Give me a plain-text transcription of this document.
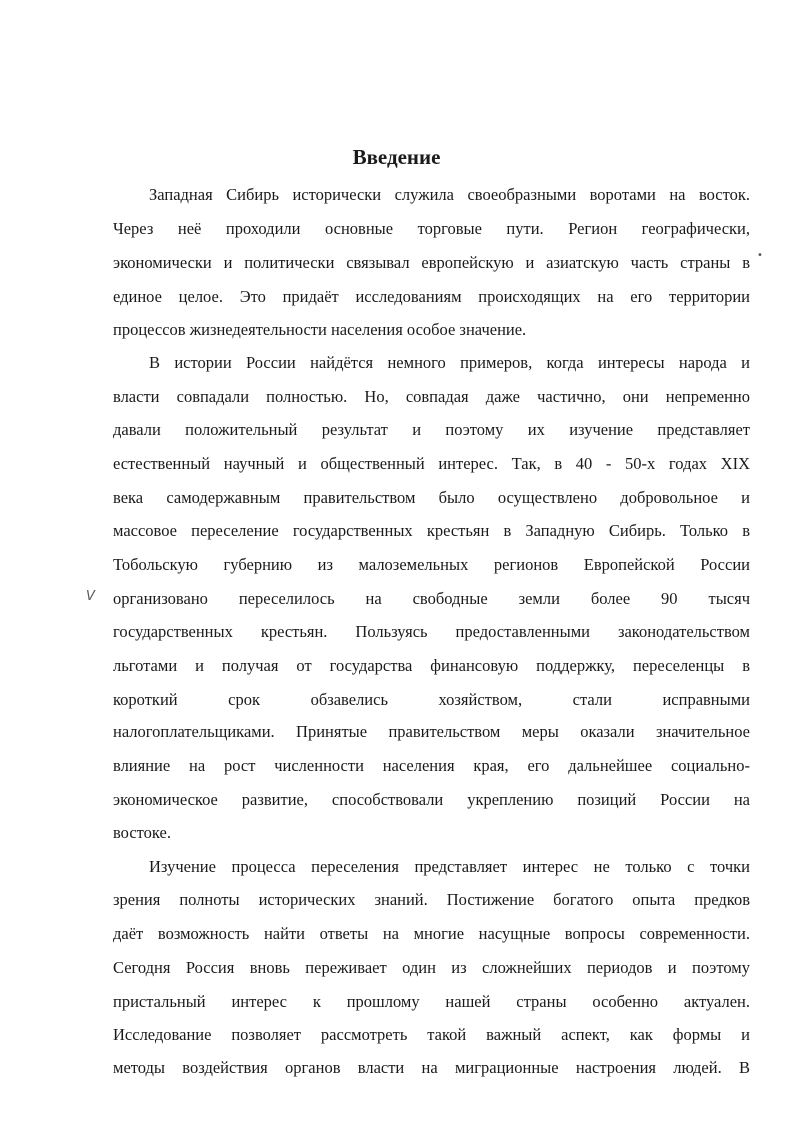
Введение
Западная Сибирь исторически служила своеобразными воротами на восток.
Через неё проходили основные торговые пути. Регион географически,
экономически и политически связывал европейскую и азиатскую часть страны в
единое целое. Это придаёт исследованиям происходящих на его территории
процессов жизнедеятельности населения особое значение.
В истории России найдётся немного примеров, когда интересы народа и
власти совпадали полностью. Но, совпадая даже частично, они непременно
давали положительный результат и поэтому их изучение представляет
естественный научный и общественный интерес. Так, в 40 - 50-х годах XIX
века самодержавным правительством было осуществлено добровольное и
массовое переселение государственных крестьян в Западную Сибирь. Только в
Тобольскую губернию из малоземельных регионов Европейской России
организовано переселилось на свободные земли более 90 тысяч
государственных крестьян. Пользуясь предоставленными законодательством
льготами и получая от государства финансовую поддержку, переселенцы в
короткий срок обзавелись хозяйством, стали исправными
налогоплательщиками. Принятые правительством меры оказали значительное
влияние на рост численности населения края, его дальнейшее социально-
экономическое развитие, способствовали укреплению позиций России на
востоке.
Изучение процесса переселения представляет интерес не только с точки
зрения полноты исторических знаний. Постижение богатого опыта предков
даёт возможность найти ответы на многие насущные вопросы современности.
Сегодня Россия вновь переживает один из сложнейших периодов и поэтому
пристальный интерес к прошлому нашей страны особенно актуален.
Исследование позволяет рассмотреть такой важный аспект, как формы и
методы воздействия органов власти на миграционные настроения людей. В
V
•
